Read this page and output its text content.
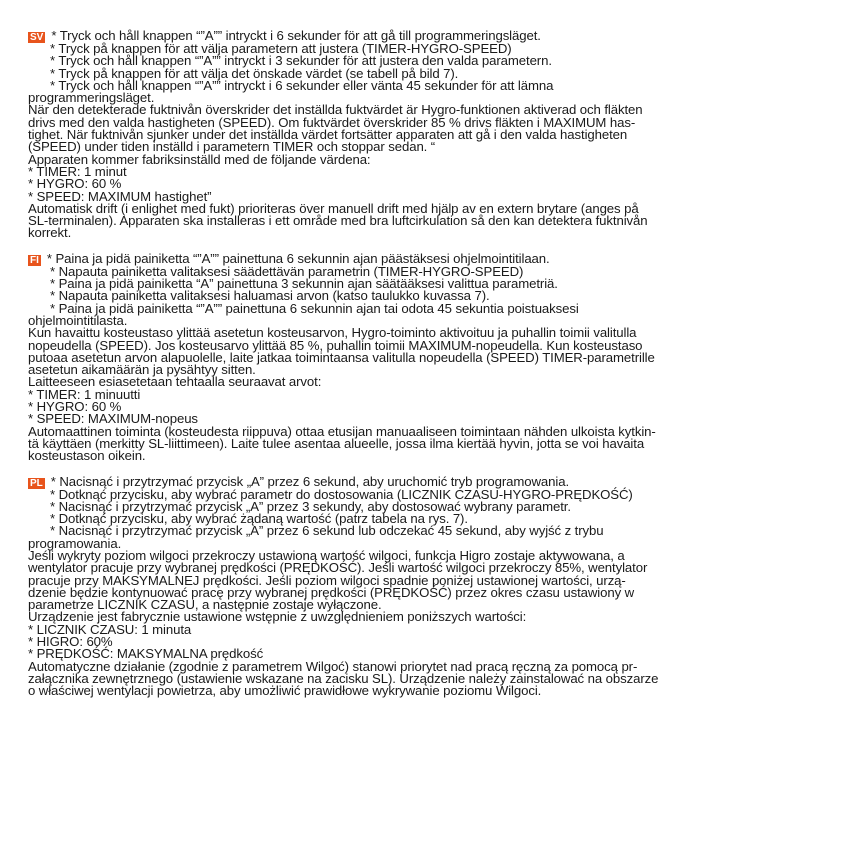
SV * Tryck och håll knappen “”A”” intryckt i 6 sekunder för att gå till programmeringsläget.
* Tryck på knappen för att välja parametern att justera (TIMER-HYGRO-SPEED)
* Tryck och håll knappen “”A”” intryckt i 3 sekunder för att justera den valda parametern.
* Tryck på knappen för att välja det önskade värdet (se tabell på bild 7).
* Tryck och håll knappen “”A”” intryckt i 6 sekunder eller vänta 45 sekunder för att lämna
programmeringsläget.
När den detekterade fuktnivån överskrider det inställda fuktvärdet är Hygro-funktionen aktiverad och fläkten
drivs med den valda hastigheten (SPEED). Om fuktvärdet överskrider 85 % drivs fläkten i MAXIMUM has-
tighet. När fuktnivån sjunker under det inställda värdet fortsätter apparaten att gå i den valda hastigheten
(SPEED) under tiden inställd i parametern TIMER och stoppar sedan. “
Apparaten kommer fabriksinställd med de följande värdena:
* TIMER: 1 minut
* HYGRO: 60 %
* SPEED: MAXIMUM hastighet”
Automatisk drift (i enlighet med fukt) prioriteras över manuell drift med hjälp av en extern brytare (anges på
SL-terminalen). Apparaten ska installeras i ett område med bra luftcirkulation så den kan detektera fuktnivån
korrekt.
FI * Paina ja pidä painiketta “”A”” painettuna 6 sekunnin ajan päästäksesi ohjelmointitilaan.
* Napauta painiketta valitaksesi säädettävän parametrin (TIMER-HYGRO-SPEED)
* Paina ja pidä painiketta “A” painettuna 3 sekunnin ajan säätääksesi valittua parametriä.
* Napauta painiketta valitaksesi haluamasi arvon (katso taulukko kuvassa 7).
* Paina ja pidä painiketta “”A”” painettuna 6 sekunnin ajan tai odota 45 sekuntia poistuaksesi
ohjelmointitilasta.
Kun havaittu kosteustaso ylittää asetetun kosteusarvon, Hygro-toiminto aktivoituu ja puhallin toimii valitulla
nopeudella (SPEED). Jos kosteusarvo ylittää 85 %, puhallin toimii MAXIMUM-nopeudella. Kun kosteustaso
putoaa asetetun arvon alapuolelle, laite jatkaa toimintaansa valitulla nopeudella (SPEED) TIMER-parametrille
asetetun aikamäärän ja pysähtyy sitten.
Laitteeseen esiasetetaan tehtaalla seuraavat arvot:
* TIMER: 1 minuutti
* HYGRO: 60 %
* SPEED: MAXIMUM-nopeus
Automaattinen toiminta (kosteudesta riippuva) ottaa etusijan manuaaliseen toimintaan nähden ulkoista kytkin-
tä käyttäen (merkitty SL-liittimeen). Laite tulee asentaa alueelle, jossa ilma kiertää hyvin, jotta se voi havaita
kosteustason oikein.
PL * Nacisnąć i przytrzymać przycisk „A” przez 6 sekund, aby uruchomić tryb programowania.
* Dotknąć przycisku, aby wybrać parametr do dostosowania (LICZNIK CZASU-HYGRO-PRĘDKOŚĆ)
* Nacisnąć i przytrzymać przycisk „A” przez 3 sekundy, aby dostosować wybrany parametr.
* Dotknąć przycisku, aby wybrać żądaną wartość (patrz tabela na rys. 7).
* Nacisnąć i przytrzymać przycisk „A” przez 6 sekund lub odczekać 45 sekund, aby wyjść z trybu
programowania.
Jeśli wykryty poziom wilgoci przekroczy ustawioną wartość wilgoci, funkcja Higro zostaje aktywowana, a
wentylator pracuje przy wybranej prędkości (PRĘDKOŚĆ). Jeśli wartość wilgoci przekroczy 85%, wentylator
pracuje przy MAKSYMALNEJ prędkości. Jeśli poziom wilgoci spadnie poniżej ustawionej wartości, urzą-
dzenie będzie kontynuować pracę przy wybranej prędkości (PRĘDKOŚĆ) przez okres czasu ustawiony w
parametrze LICZNIK CZASU, a następnie zostaje wyłączone.
Urządzenie jest fabrycznie ustawione wstępnie z uwzględnieniem poniższych wartości:
* LICZNIK CZASU: 1 minuta
* HIGRO: 60%
* PRĘDKOŚĆ: MAKSYMALNA prędkość
Automatyczne działanie (zgodnie z parametrem Wilgoć) stanowi priorytet nad pracą ręczną za pomocą pr-
załącznika zewnętrznego (ustawienie wskazane na zacisku SL). Urządzenie należy zainstalować na obszarze
o właściwej wentylacji powietrza, aby umożliwić prawidłowe wykrywanie poziomu Wilgoci.
